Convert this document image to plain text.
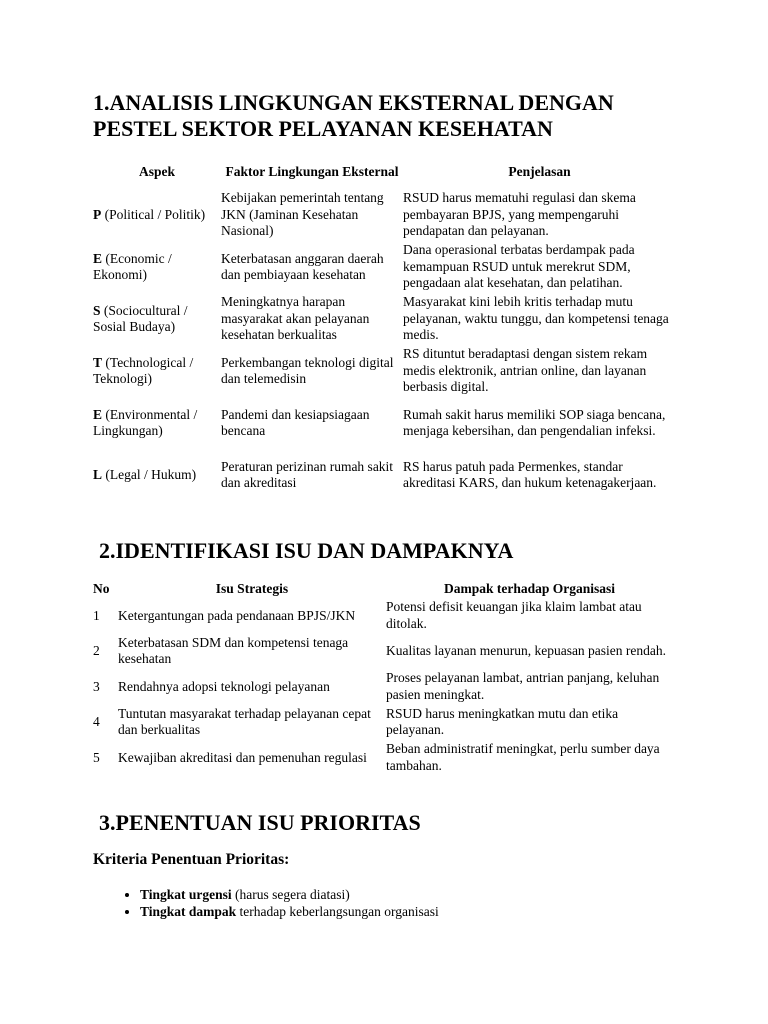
1.ANALISIS LINGKUNGAN EKSTERNAL DENGAN PESTEL SEKTOR PELAYANAN KESEHATAN
Aspek	Faktor Lingkungan Eksternal	Penjelasan
P (Political / Politik)	Kebijakan pemerintah tentang JKN (Jaminan Kesehatan Nasional)	RSUD harus mematuhi regulasi dan skema pembayaran BPJS, yang mempengaruhi pendapatan dan pelayanan.
E (Economic / Ekonomi)	Keterbatasan anggaran daerah dan pembiayaan kesehatan	Dana operasional terbatas berdampak pada kemampuan RSUD untuk merekrut SDM, pengadaan alat kesehatan, dan pelatihan.
S (Sociocultural / Sosial Budaya)	Meningkatnya harapan masyarakat akan pelayanan kesehatan berkualitas	Masyarakat kini lebih kritis terhadap mutu pelayanan, waktu tunggu, dan kompetensi tenaga medis.
T (Technological / Teknologi)	Perkembangan teknologi digital dan telemedisin	RS dituntut beradaptasi dengan sistem rekam medis elektronik, antrian online, dan layanan berbasis digital.
E (Environmental / Lingkungan)	Pandemi dan kesiapsiagaan bencana	Rumah sakit harus memiliki SOP siaga bencana, menjaga kebersihan, dan pengendalian infeksi.
L (Legal / Hukum)	Peraturan perizinan rumah sakit dan akreditasi	RS harus patuh pada Permenkes, standar akreditasi KARS, dan hukum ketenagakerjaan.
2.IDENTIFIKASI ISU DAN DAMPAKNYA
No	Isu Strategis	Dampak terhadap Organisasi
1	Ketergantungan pada pendanaan BPJS/JKN	Potensi defisit keuangan jika klaim lambat atau ditolak.
2	Keterbatasan SDM dan kompetensi tenaga kesehatan	Kualitas layanan menurun, kepuasan pasien rendah.
3	Rendahnya adopsi teknologi pelayanan	Proses pelayanan lambat, antrian panjang, keluhan pasien meningkat.
4	Tuntutan masyarakat terhadap pelayanan cepat dan berkualitas	RSUD harus meningkatkan mutu dan etika pelayanan.
5	Kewajiban akreditasi dan pemenuhan regulasi	Beban administratif meningkat, perlu sumber daya tambahan.
3.PENENTUAN ISU PRIORITAS

Kriteria Penentuan Prioritas:

• Tingkat urgensi (harus segera diatasi)
• Tingkat dampak terhadap keberlangsungan organisasi
